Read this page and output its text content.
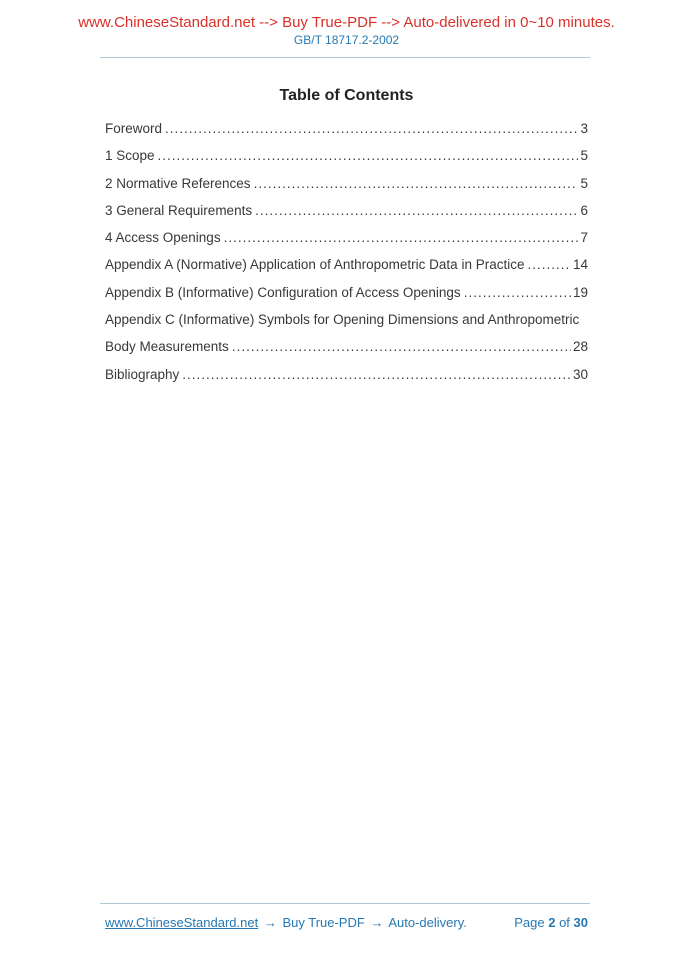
www.ChineseStandard.net --> Buy True-PDF --> Auto-delivered in 0~10 minutes.
GB/T 18717.2-2002
Table of Contents
Foreword .....	3
1 Scope .....	5
2 Normative References .....	5
3 General Requirements .....	6
4 Access Openings .....	7
Appendix A (Normative) Application of Anthropometric Data in Practice .....	14
Appendix B (Informative) Configuration of Access Openings .....	19
Appendix C (Informative) Symbols for Opening Dimensions and Anthropometric
Body Measurements .....	28
Bibliography .....	30
www.ChineseStandard.net → Buy True-PDF → Auto-delivery.	Page 2 of 30
